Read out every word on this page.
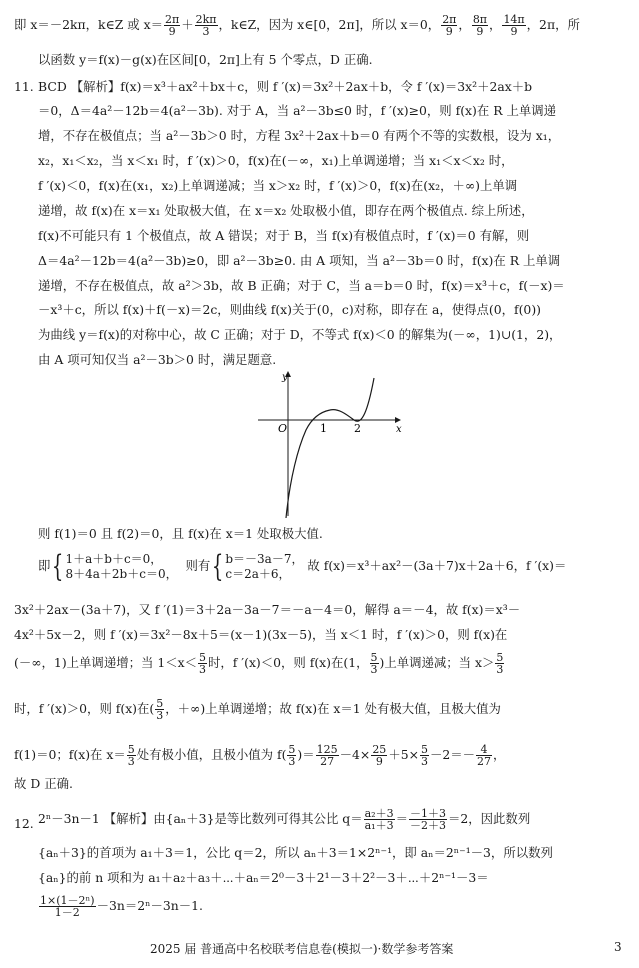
即 x＝－2kπ，k∈Z 或 $x= \frac{2\pi}{9} + \frac{2k\pi}{3}$ ，k∈Z，因为 x∈[0，2π]，所以 x＝0， $\frac{2\pi}{9}$ ， $\frac{8\pi}{9}$ ， $\frac{14\pi}{9}$ ，2π，所
以函数 y＝f(x)－g(x)在区间[0，2π]上有 5 个零点，D 正确.
11. BCD 【解析】f(x)＝x³＋ax²＋bx＋c，则 f ′(x)＝3x²＋2ax＋b，令 f ′(x)＝3x²＋2ax＋b
＝0，Δ＝4a²－12b＝4(a²－3b). 对于 A，当 a²－3b≤0 时，f ′(x)≥0，则 f(x)在 R 上单调递
增，不存在极值点；当 a²－3b＞0 时，方程 3x²＋2ax＋b＝0 有两个不等的实数根，设为 x₁，
x₂，x₁＜x₂，当 x＜x₁ 时，f ′(x)＞0，f(x)在(－∞，x₁)上单调递增；当 x₁＜x＜x₂ 时，
f ′(x)＜0，f(x)在(x₁，x₂)上单调递减；当 x＞x₂ 时，f ′(x)＞0，f(x)在(x₂，＋∞)上单调
递增，故 f(x)在 x＝x₁ 处取极大值，在 x＝x₂ 处取极小值，即存在两个极值点. 综上所述，
f(x)不可能只有 1 个极值点，故 A 错误；对于 B，当 f(x)有极值点时，f ′(x)＝0 有解，则
Δ＝4a²－12b＝4(a²－3b)≥0，即 a²－3b≥0. 由 A 项知，当 a²－3b＝0 时，f(x)在 R 上单调
递增，不存在极值点，故 a²＞3b，故 B 正确；对于 C，当 a＝b＝0 时，f(x)＝x³＋c，f(－x)＝
－x³＋c，所以 f(x)＋f(－x)＝2c，则曲线 f(x)关于(0，c)对称，即存在 a，使得点(0，f(0))
为曲线 y＝f(x)的对称中心，故 C 正确；对于 D，不等式 f(x)＜0 的解集为(－∞，1)∪(1，2)，
由 A 项可知仅当 a²－3b＞0 时，满足题意.
y
x
O	1 2
则 f(1)＝0 且 f(2)＝0，且 f(x)在 x＝1 处取极大值.
即{ 1＋a＋b＋c＝0，
8＋4a＋2b＋c＝0，
则有{ b＝－3a－7，
c＝2a＋6，
故 f(x)＝x³＋ax²－(3a＋7)x＋2a＋6，f ′(x)＝
3x²＋2ax－(3a＋7)，又 f ′(1)＝3＋2a－3a－7＝－a－4＝0，解得 a＝－4，故 f(x)＝x³－
4x²＋5x－2，则 f ′(x)＝3x²－8x＋5＝(x－1)(3x－5)，当 x＜1 时，f ′(x)＞0，则 f(x)在
(－∞，1)上单调递增；当 $1<x< \frac{5}{3}$ 时，f ′(x)＜0，则 f(x)在(1， $\frac{5}{3}$ )上单调递减；当 $x> \frac{5}{3}$
时，f ′(x)＞0，则 f(x)在( $\frac{5}{3}$ ，＋∞)上单调递增；故 f(x)在 x＝1 处有极大值，且极大值为
f(1)＝0；f(x)在 $x= \frac{5}{3}$ 处有极小值，且极小值为 $f( \frac{5}{3}$ )＝ $\frac{125}{27} -4\times \frac{25}{9} +5\times \frac{5}{3} -2=- \frac{4}{27}$ ，
故 D 正确.
12. 2ⁿ－3n－1 【解析】由{aₙ＋3}是等比数列可得其公比 $q= \frac{\text{a₂＋3}}{\text{a₁＋3}} = \frac{-1+3}{-2+3} =2$，因此数列
{aₙ＋3}的首项为 a₁＋3＝1，公比 q＝2，所以 aₙ＋3＝1×2ⁿ⁻¹，即 aₙ＝2ⁿ⁻¹－3，所以数列
{aₙ}的前 n 项和为 a₁＋a₂＋a₃＋⋯＋aₙ＝2⁰－3＋2¹－3＋2²－3＋⋯＋2ⁿ⁻¹－3＝
$\frac{\text{1×(1－2ⁿ)}}{1-2} -3n=2^n-3n-1$.
2025 届 普通高中名校联考信息卷(模拟一)·数学参考答案	3
